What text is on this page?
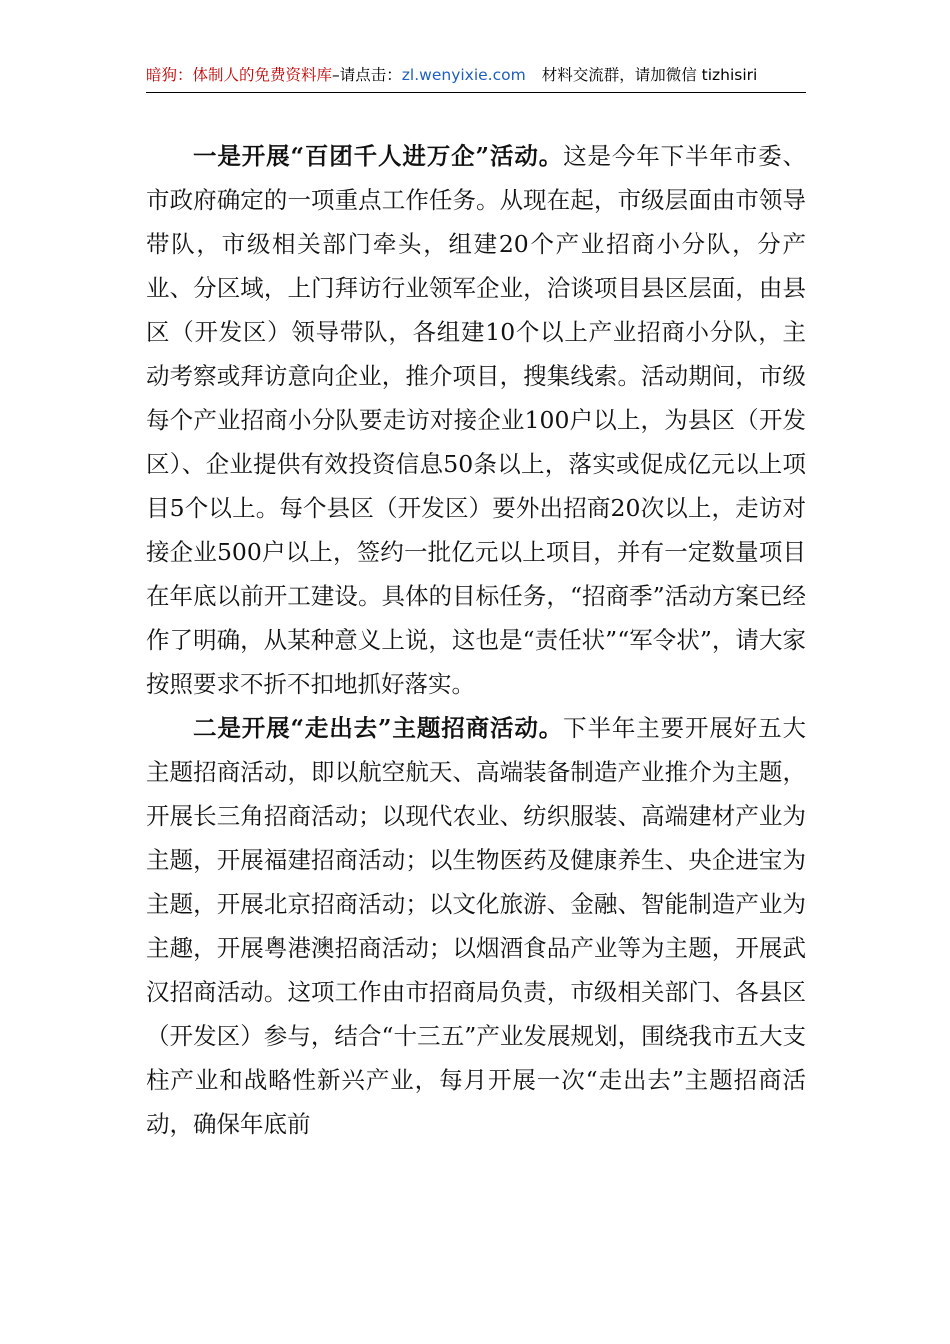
暗狗：体制人的免费资料库–请点击：zl.wenyixie.com 材料交流群，请加微信 tizhisiri

一是开展“百团千人进万企”活动。这是今年下半年市委、市政府确定的一项重点工作任务。从现在起，市级层面由市领导带队，市级相关部门牵头，组建20个产业招商小分队，分产业、分区域，上门拜访行业领军企业，洽谈项目县区层面，由县区（开发区）领导带队，各组建10个以上产业招商小分队，主动考察或拜访意向企业，推介项目，搜集线索。活动期间，市级每个产业招商小分队要走访对接企业100户以上，为县区（开发区）、企业提供有效投资信息50条以上，落实或促成亿元以上项目5个以上。每个县区（开发区）要外出招商20次以上，走访对接企业500户以上，签约一批亿元以上项目，并有一定数量项目在年底以前开工建设。具体的目标任务，“招商季”活动方案已经作了明确，从某种意义上说，这也是“责任状”“军令状”，请大家按照要求不折不扣地抓好落实。

二是开展“走出去”主题招商活动。下半年主要开展好五大主题招商活动，即以航空航天、高端装备制造产业推介为主题，开展长三角招商活动；以现代农业、纺织服装、高端建材产业为主题，开展福建招商活动；以生物医药及健康养生、央企进宝为主题，开展北京招商活动；以文化旅游、金融、智能制造产业为主趣，开展粤港澳招商活动；以烟酒食品产业等为主题，开展武汉招商活动。这项工作由市招商局负责，市级相关部门、各县区（开发区）参与，结合“十三五”产业发展规划，围绕我市五大支柱产业和战略性新兴产业，每月开展一次“走出去”主题招商活动，确保年底前
